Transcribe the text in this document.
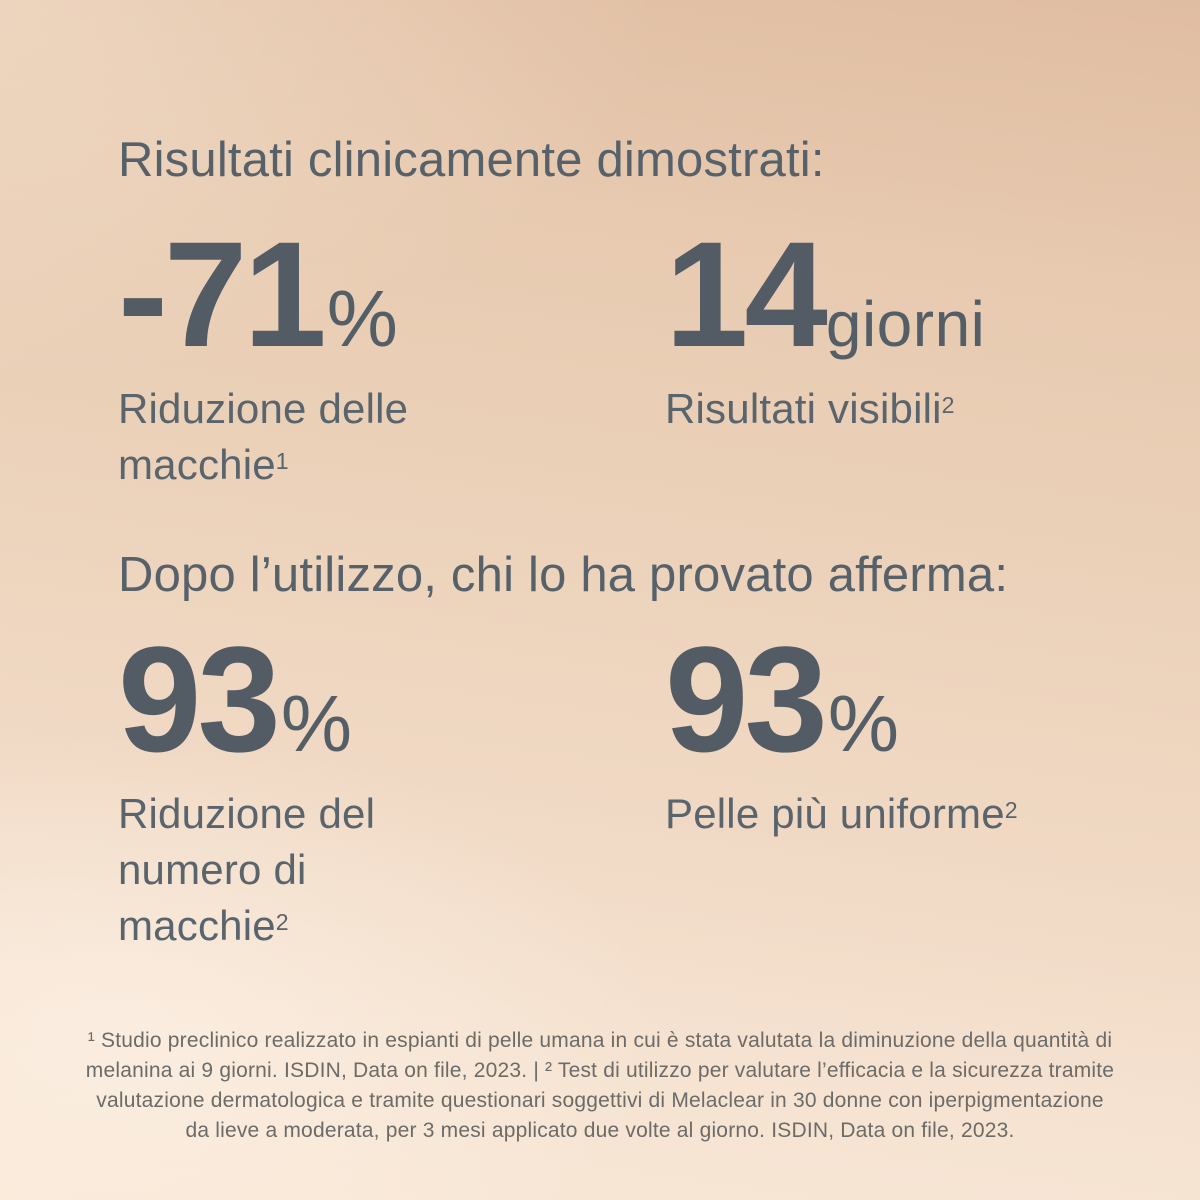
Risultati clinicamente dimostrati:
-71 %

Riduzione delle
macchie$^1$

14 giorni

Risultati visibili$^2$

Dopo l’utilizzo, chi lo ha provato afferma:
93 %

Riduzione del
numero di
macchie$^2$

93 %

Pelle più uniforme$^2$

¹ Studio preclinico realizzato in espianti di pelle umana in cui è stata valutata la diminuzione della quantità di

melanina ai 9 giorni. ISDIN, Data on file, 2023. | ² Test di utilizzo per valutare l’efficacia e la sicurezza tramite

valutazione dermatologica e tramite questionari soggettivi di Melaclear in 30 donne con iperpigmentazione

da lieve a moderata, per 3 mesi applicato due volte al giorno. ISDIN, Data on file, 2023.
